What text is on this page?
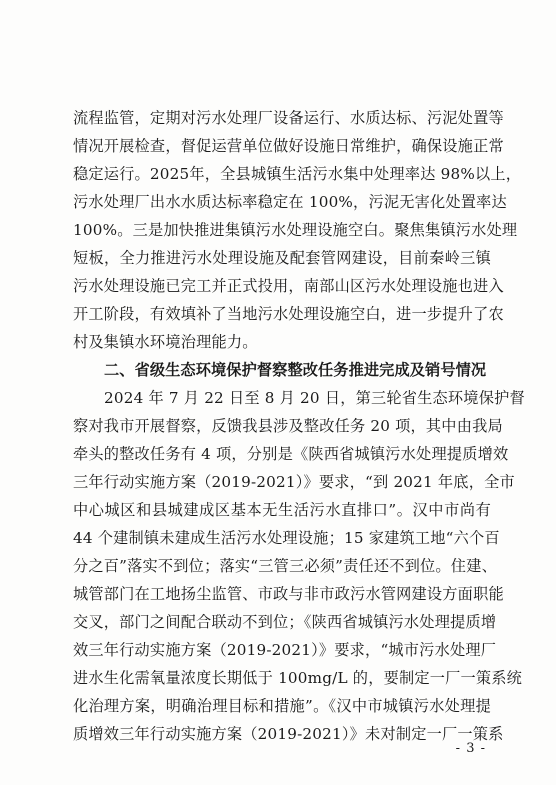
流程监管，定期对污水处理厂设备运行、水质达标、污泥处置等
情况开展检查，督促运营单位做好设施日常维护，确保设施正常
稳定运行。2025年，全县城镇生活污水集中处理率达 98%以上，
污水处理厂出水水质达标率稳定在 100%，污泥无害化处置率达
100%。三是加快推进集镇污水处理设施空白。聚焦集镇污水处理
短板，全力推进污水处理设施及配套管网建设，目前秦岭三镇
污水处理设施已完工并正式投用，南部山区污水处理设施也进入
开工阶段，有效填补了当地污水处理设施空白，进一步提升了农
村及集镇水环境治理能力。
二、省级生态环境保护督察整改任务推进完成及销号情况
2024 年 7 月 22 日至 8 月 20 日，第三轮省生态环境保护督
察对我市开展督察，反馈我县涉及整改任务 20 项，其中由我局
牵头的整改任务有 4 项，分别是《陕西省城镇污水处理提质增效
三年行动实施方案（2019-2021）》要求，“到 2021 年底，全市
中心城区和县城建成区基本无生活污水直排口”。汉中市尚有
44 个建制镇未建成生活污水处理设施；15 家建筑工地“六个百
分之百”落实不到位；落实“三管三必须”责任还不到位。住建、
城管部门在工地扬尘监管、市政与非市政污水管网建设方面职能
交叉，部门之间配合联动不到位；《陕西省城镇污水处理提质增
效三年行动实施方案（2019-2021）》要求，“城市污水处理厂
进水生化需氧量浓度长期低于 100mg/L 的，要制定一厂一策系统
化治理方案，明确治理目标和措施”。《汉中市城镇污水处理提
质增效三年行动实施方案（2019-2021）》未对制定一厂一策系
- 3 -
